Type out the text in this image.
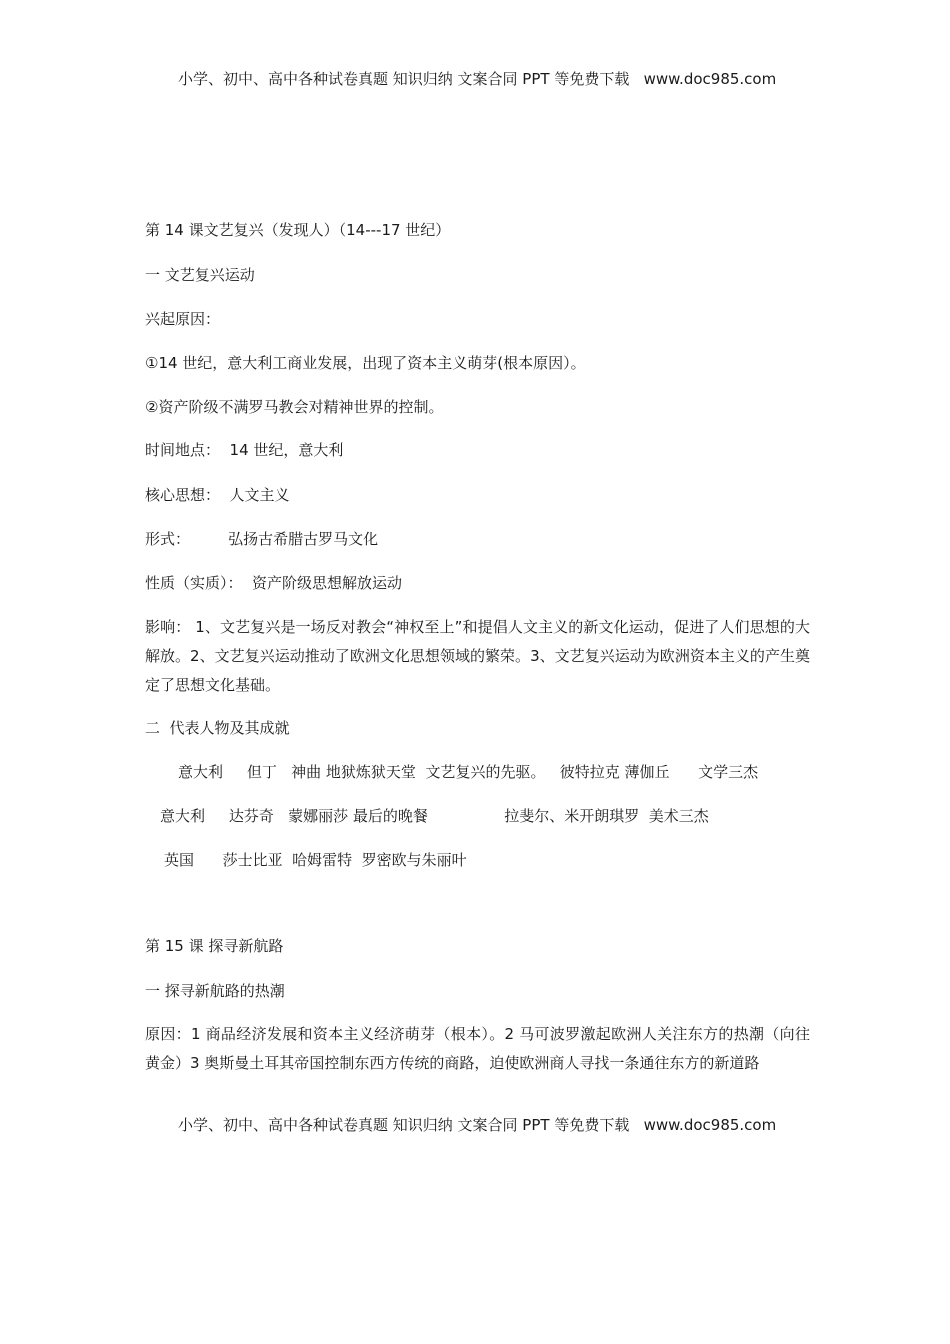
小学、初中、高中各种试卷真题 知识归纳 文案合同 PPT 等免费下载   www.doc985.com
第 14 课文艺复兴（发现人）（14---17 世纪）
一 文艺复兴运动
兴起原因：
①14 世纪，意大利工商业发展，出现了资本主义萌芽(根本原因）。
②资产阶级不满罗马教会对精神世界的控制。
时间地点：  14 世纪，意大利
核心思想：  人文主义
形式：        弘扬古希腊古罗马文化
性质（实质）：  资产阶级思想解放运动
影响： 1、文艺复兴是一场反对教会“神权至上”和提倡人文主义的新文化运动，促进了人们思想的大解放。2、文艺复兴运动推动了欧洲文化思想领域的繁荣。3、文艺复兴运动为欧洲资本主义的产生奠定了思想文化基础。
二  代表人物及其成就
意大利     但丁   神曲 地狱炼狱天堂  文艺复兴的先驱。   彼特拉克 薄伽丘      文学三杰
意大利     达芬奇   蒙娜丽莎 最后的晚餐                拉斐尔、米开朗琪罗  美术三杰
英国      莎士比亚  哈姆雷特  罗密欧与朱丽叶
第 15 课 探寻新航路
一 探寻新航路的热潮
原因：1 商品经济发展和资本主义经济萌芽（根本）。2 马可波罗激起欧洲人关注东方的热潮（向往黄金）3 奥斯曼土耳其帝国控制东西方传统的商路，迫使欧洲商人寻找一条通往东方的新道路
小学、初中、高中各种试卷真题 知识归纳 文案合同 PPT 等免费下载   www.doc985.com
